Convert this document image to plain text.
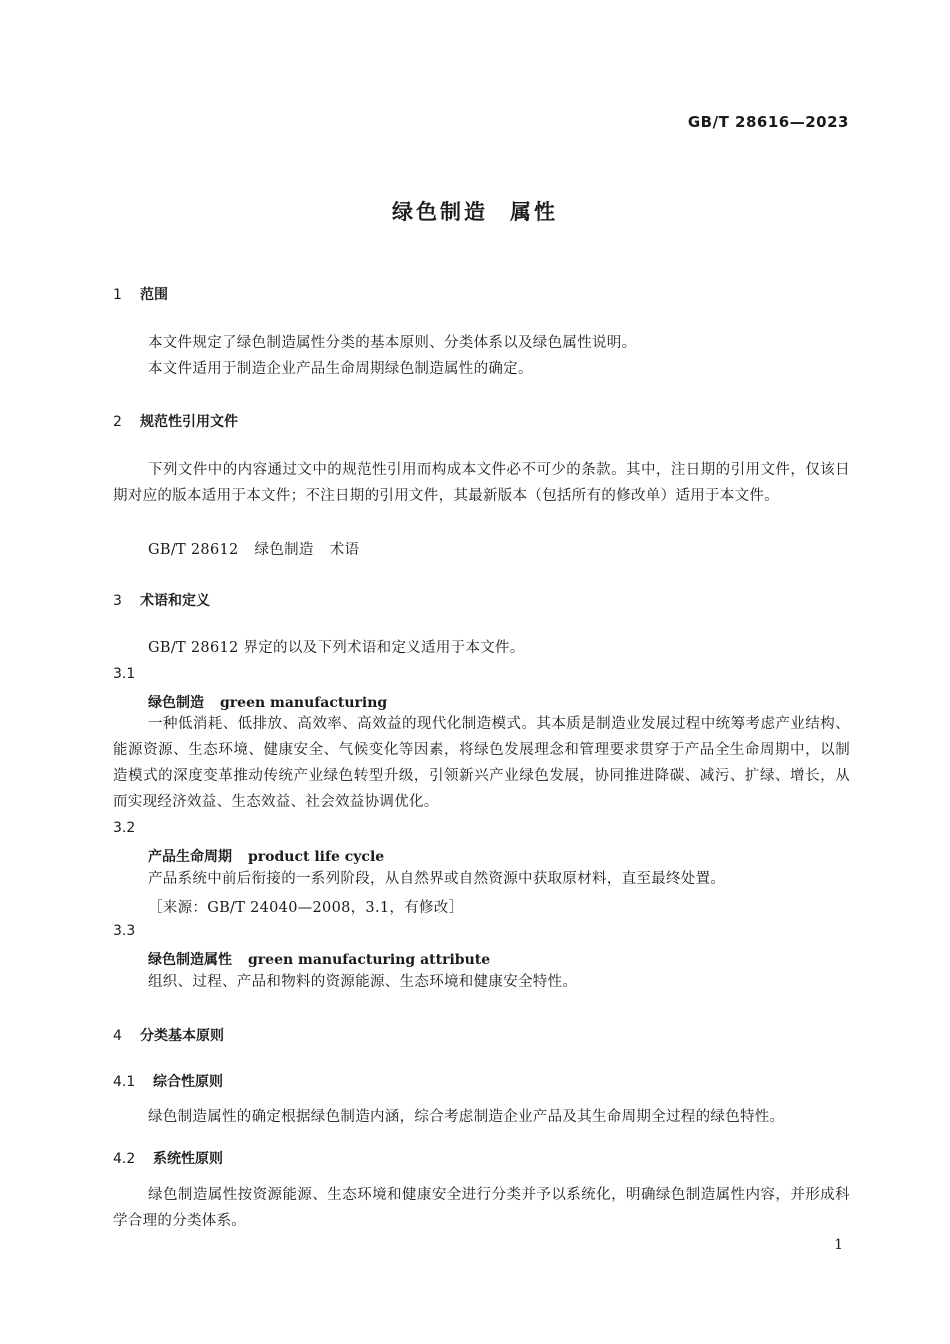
GB/T 28616—2023
绿色制造 属性
1 范围
本文件规定了绿色制造属性分类的基本原则、分类体系以及绿色属性说明。
本文件适用于制造企业产品生命周期绿色制造属性的确定。
2 规范性引用文件
下列文件中的内容通过文中的规范性引用而构成本文件必不可少的条款。其中，注日期的引用文件，仅该日期对应的版本适用于本文件；不注日期的引用文件，其最新版本（包括所有的修改单）适用于本文件。
GB/T 28612 绿色制造 术语
3 术语和定义
GB/T 28612 界定的以及下列术语和定义适用于本文件。
3.1
绿色制造 green manufacturing
一种低消耗、低排放、高效率、高效益的现代化制造模式。其本质是制造业发展过程中统筹考虑产业结构、能源资源、生态环境、健康安全、气候变化等因素，将绿色发展理念和管理要求贯穿于产品全生命周期中，以制造模式的深度变革推动传统产业绿色转型升级，引领新兴产业绿色发展，协同推进降碳、减污、扩绿、增长，从而实现经济效益、生态效益、社会效益协调优化。
3.2
产品生命周期 product life cycle
产品系统中前后衔接的一系列阶段，从自然界或自然资源中获取原材料，直至最终处置。
［来源：GB/T 24040—2008，3.1，有修改］
3.3
绿色制造属性 green manufacturing attribute
组织、过程、产品和物料的资源能源、生态环境和健康安全特性。
4 分类基本原则
4.1 综合性原则
绿色制造属性的确定根据绿色制造内涵，综合考虑制造企业产品及其生命周期全过程的绿色特性。
4.2 系统性原则
绿色制造属性按资源能源、生态环境和健康安全进行分类并予以系统化，明确绿色制造属性内容，并形成科学合理的分类体系。
1
